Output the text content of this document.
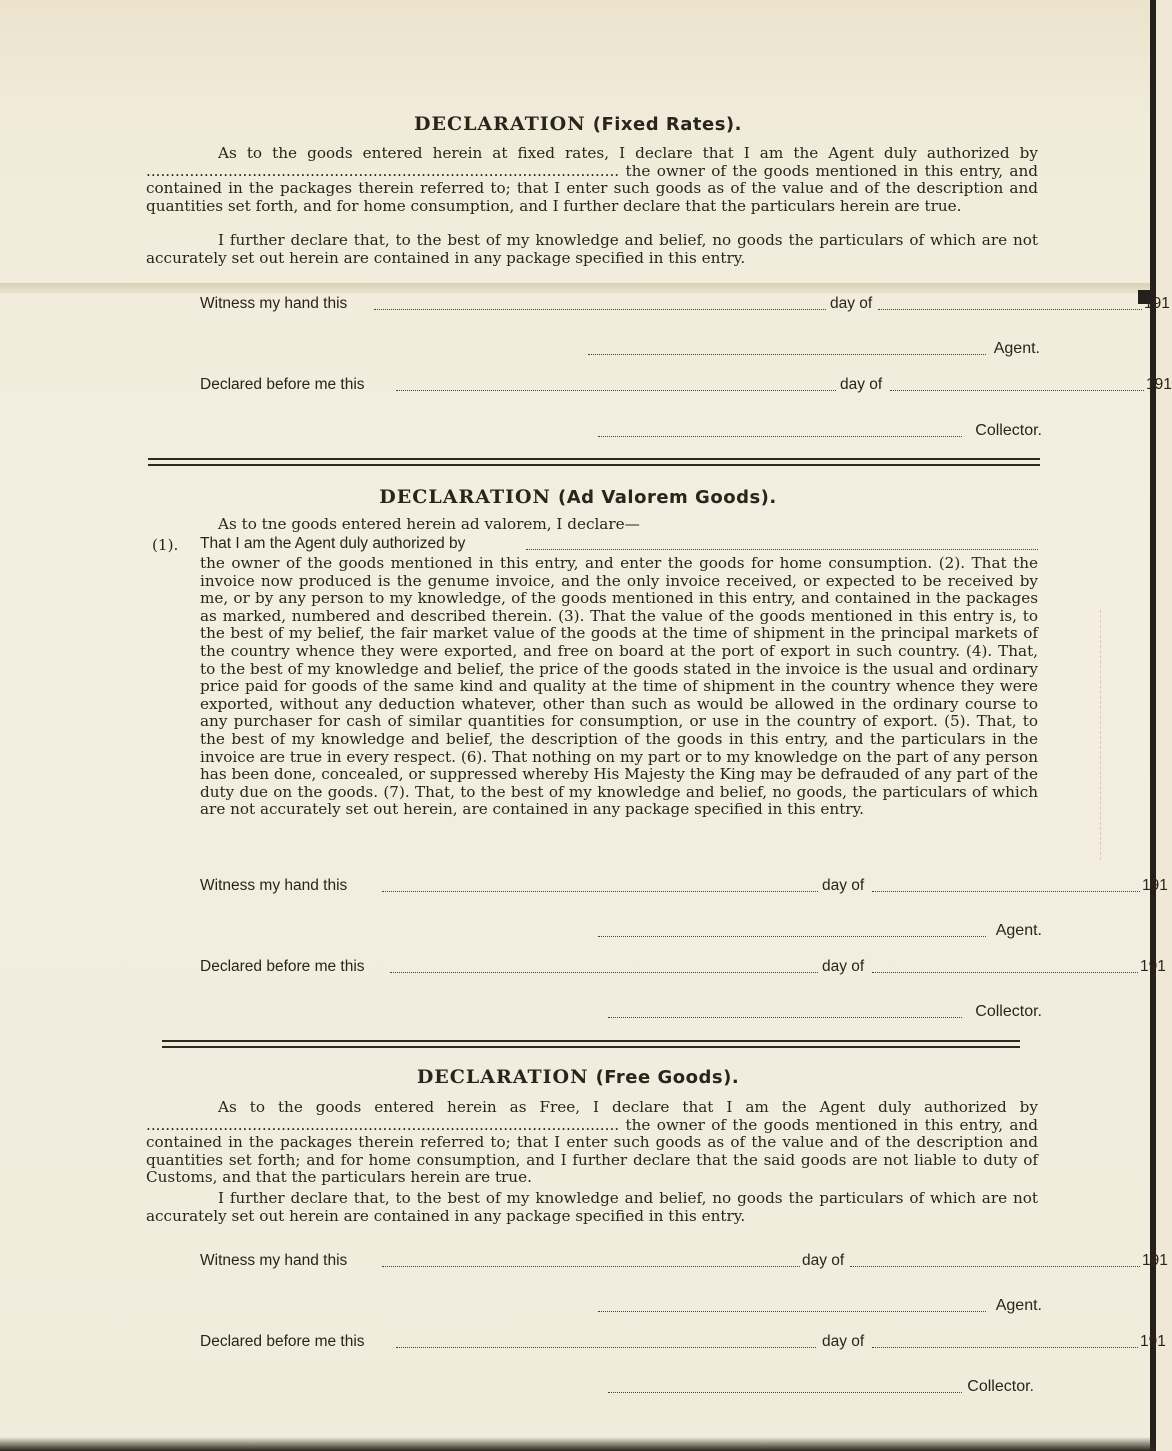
DECLARATION (Fixed Rates).
As to the goods entered herein at fixed rates, I declare that I am the Agent duly authorized by .................................................................................................. the owner of the goods mentioned in this entry, and contained in the packages therein referred to; that I enter such goods as of the value and of the description and quantities set forth, and for home consumption, and I further declare that the particulars herein are true.
I further declare that, to the best of my knowledge and belief, no goods the particulars of which are not accurately set out herein are contained in any package specified in this entry.
Witness my hand this	day of	191
Agent.
Declared before me this	day of	191
Collector.
DECLARATION (Ad Valorem Goods).
As to tne goods entered herein ad valorem, I declare—
(1). That I am the Agent duly authorized by
the owner of the goods mentioned in this entry, and enter the goods for home consumption. (2). That the invoice now produced is the genume invoice, and the only invoice received, or expected to be received by me, or by any person to my knowledge, of the goods mentioned in this entry, and contained in the packages as marked, numbered and described therein. (3). That the value of the goods mentioned in this entry is, to the best of my belief, the fair market value of the goods at the time of shipment in the principal markets of the country whence they were exported, and free on board at the port of export in such country. (4). That, to the best of my knowledge and belief, the price of the goods stated in the invoice is the usual and ordinary price paid for goods of the same kind and quality at the time of shipment in the country whence they were exported, without any deduction whatever, other than such as would be allowed in the ordinary course to any purchaser for cash of similar quantities for consumption, or use in the country of export. (5). That, to the best of my knowledge and belief, the description of the goods in this entry, and the particulars in the invoice are true in every respect. (6). That nothing on my part or to my knowledge on the part of any person has been done, concealed, or suppressed whereby His Majesty the King may be defrauded of any part of the duty due on the goods. (7). That, to the best of my knowledge and belief, no goods, the particulars of which are not accurately set out herein, are contained in any package specified in this entry.
Witness my hand this	day of	191
Agent.
Declared before me this	day of	191
Collector.
DECLARATION (Free Goods).
As to the goods entered herein as Free, I declare that I am the Agent duly authorized by .................................................................................................. the owner of the goods mentioned in this entry, and contained in the packages therein referred to; that I enter such goods as of the value and of the description and quantities set forth; and for home consumption, and I further declare that the said goods are not liable to duty of Customs, and that the particulars herein are true.
I further declare that, to the best of my knowledge and belief, no goods the particulars of which are not accurately set out herein are contained in any package specified in this entry.
Witness my hand this	day of	191
Agent.
Declared before me this	day of	191
Collector.
